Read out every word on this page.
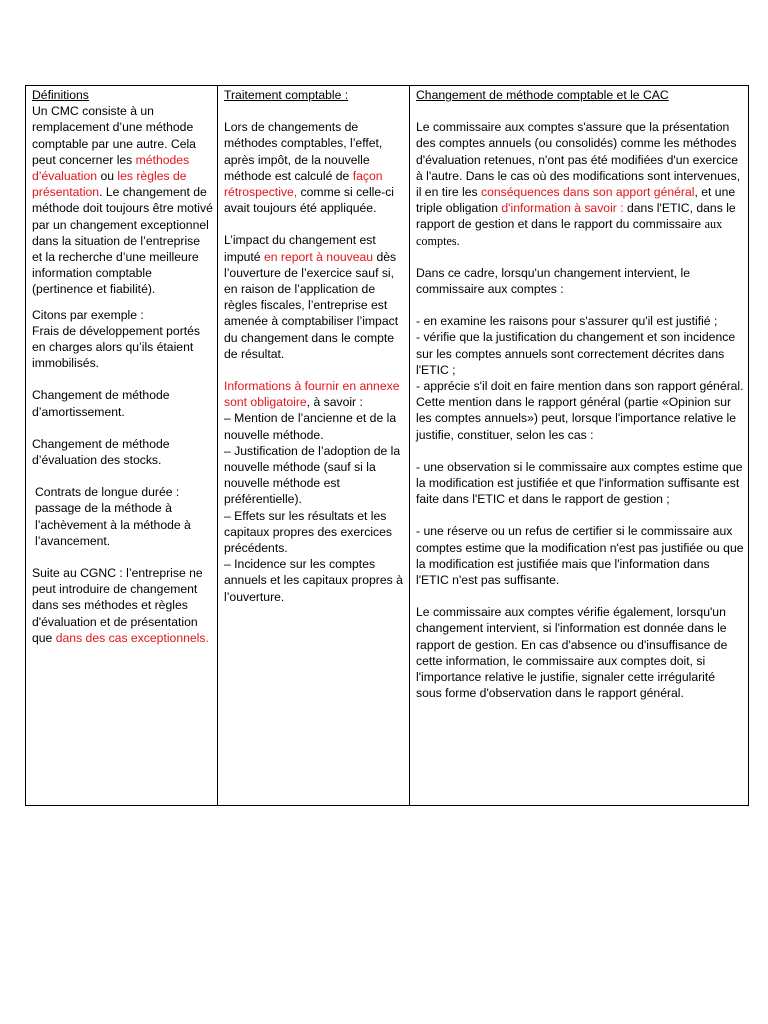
Définitions

Un CMC consiste à un remplacement d’une méthode comptable par une autre. Cela peut concerner les méthodes d’évaluation ou les règles de présentation. Le changement de méthode doit toujours être motivé par un changement exceptionnel dans la situation de l’entreprise et la recherche d’une meilleure information comptable (pertinence et fiabilité).

Citons par exemple :

Frais de développement portés en charges alors qu’ils étaient immobilisés.

Changement de méthode d’amortissement.

Changement de méthode d’évaluation des stocks.

Contrats de longue durée : passage de la méthode à l’achèvement à la méthode à l’avancement.

Suite au CGNC : l’entreprise ne peut introduire de changement dans ses méthodes et règles d'évaluation et de présentation que dans des cas exceptionnels.

Traitement comptable :

Lors de changements de méthodes comptables, l’effet, après impôt, de la nouvelle méthode est calculé de façon rétrospective, comme si celle-ci avait toujours été appliquée.

L’impact du changement est imputé en report à nouveau dès l’ouverture de l’exercice sauf si, en raison de l’application de règles fiscales, l’entreprise est amenée à comptabiliser l’impact du changement dans le compte de résultat.

Informations à fournir en annexe sont obligatoire, à savoir :

– Mention de l’ancienne et de la nouvelle méthode.

– Justification de l’adoption de la nouvelle méthode (sauf si la nouvelle méthode est préférentielle).

– Effets sur les résultats et les capitaux propres des exercices précédents.

– Incidence sur les comptes annuels et les capitaux propres à l’ouverture.

Changement de méthode comptable et le CAC

Le commissaire aux comptes s'assure que la présentation des comptes annuels (ou consolidés) comme les méthodes d'évaluation retenues, n'ont pas été modifiées d'un exercice à l'autre. Dans le cas où des modifications sont intervenues, il en tire les conséquences dans son apport général, et une triple obligation d'information à savoir : dans l'ETIC, dans le rapport de gestion et dans le rapport du commissaire aux comptes.

Dans ce cadre, lorsqu'un changement intervient, le commissaire aux comptes :

- en examine les raisons pour s'assurer qu'il est justifié ;

- vérifie que la justification du changement et son incidence sur les comptes annuels sont correctement décrites dans l'ETIC ;

- apprécie s'il doit en faire mention dans son rapport général.

Cette mention dans le rapport général (partie «Opinion sur les comptes annuels») peut, lorsque l'importance relative le justifie, constituer, selon les cas :

- une observation si le commissaire aux comptes estime que la modification est justifiée et que l'information suffisante est faite dans l'ETIC et dans le rapport de gestion ;

- une réserve ou un refus de certifier si le commissaire aux comptes estime que la modification n'est pas justifiée ou que la modification est justifiée mais que l'information dans l'ETIC n'est pas suffisante.

Le commissaire aux comptes vérifie également, lorsqu'un changement intervient, si l'information est donnée dans le rapport de gestion. En cas d'absence ou d'insuffisance de cette information, le commissaire aux comptes doit, si l'importance relative le justifie, signaler cette irrégularité sous forme d'observation dans le rapport général.
